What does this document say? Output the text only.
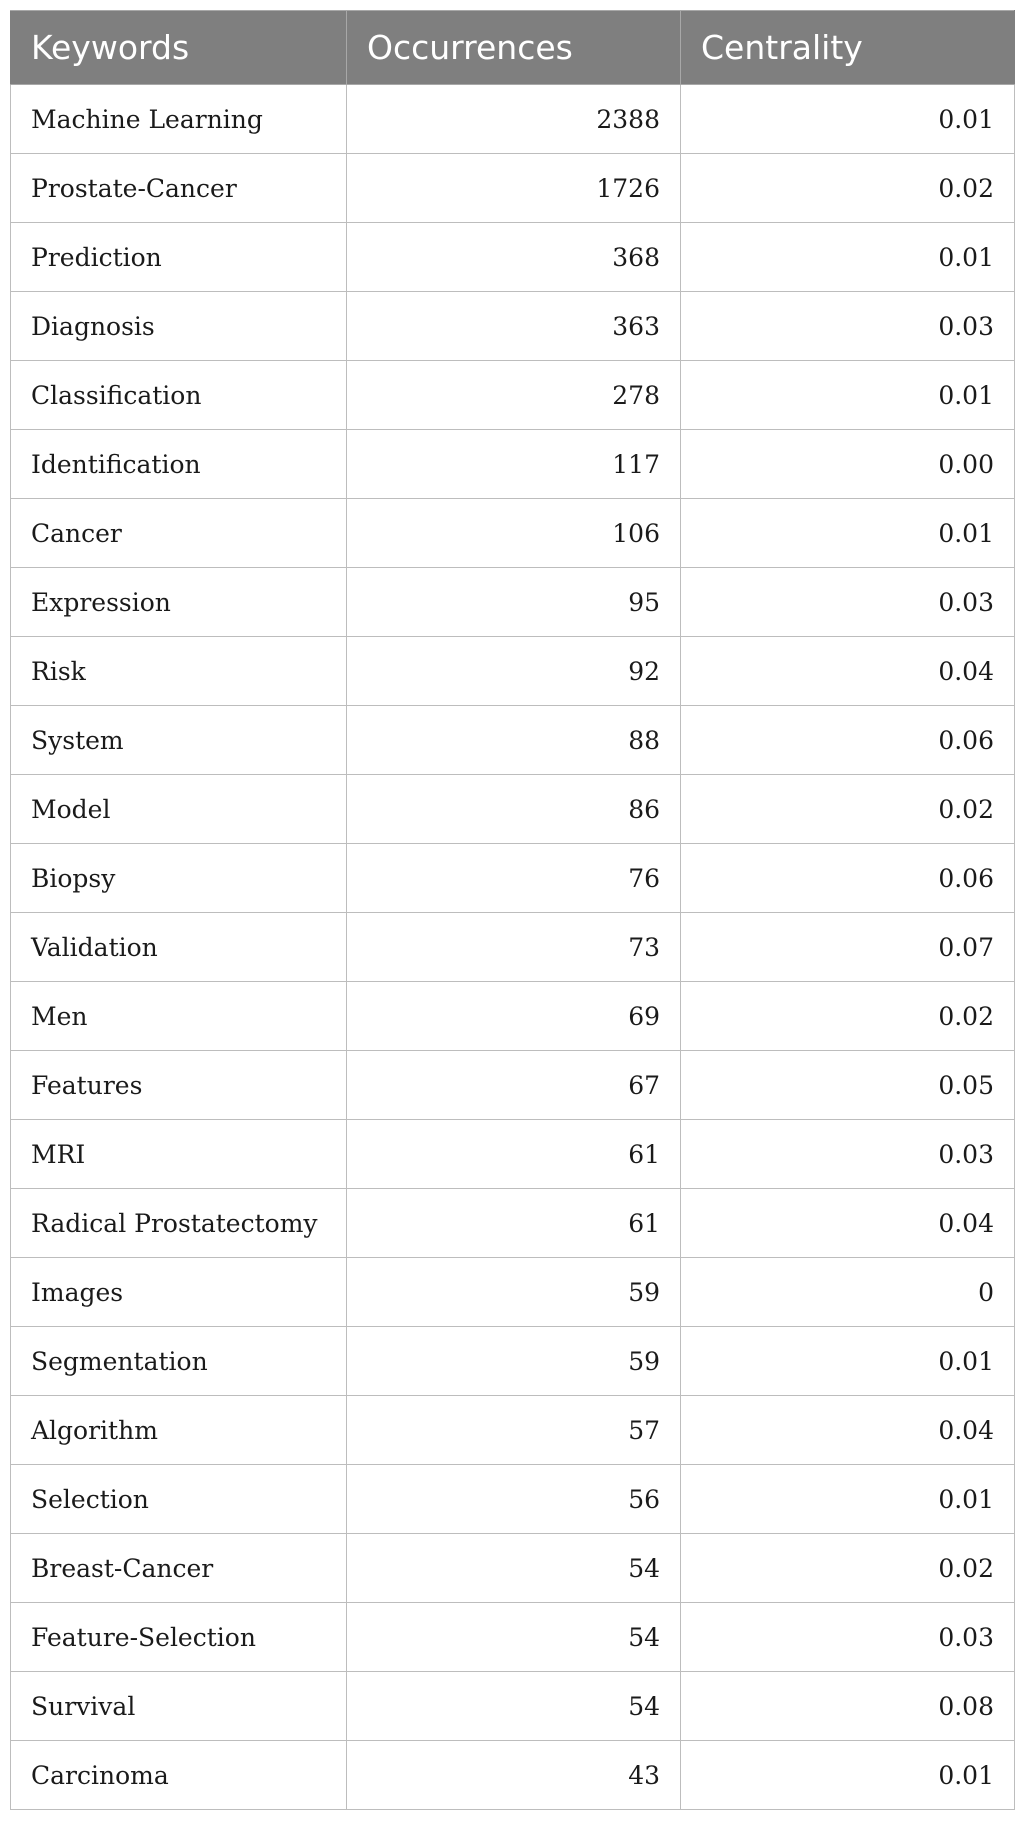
Keywords	Occurrences	Centrality
Machine Learning	2388	0.01
Prostate-Cancer	1726	0.02
Prediction	368	0.01
Diagnosis	363	0.03
Classification	278	0.01
Identification	117	0.00
Cancer	106	0.01
Expression	95	0.03
Risk	92	0.04
System	88	0.06
Model	86	0.02
Biopsy	76	0.06
Validation	73	0.07
Men	69	0.02
Features	67	0.05
MRI	61	0.03
Radical Prostatectomy	61	0.04
Images	59	0
Segmentation	59	0.01
Algorithm	57	0.04
Selection	56	0.01
Breast-Cancer	54	0.02
Feature-Selection	54	0.03
Survival	54	0.08
Carcinoma	43	0.01
